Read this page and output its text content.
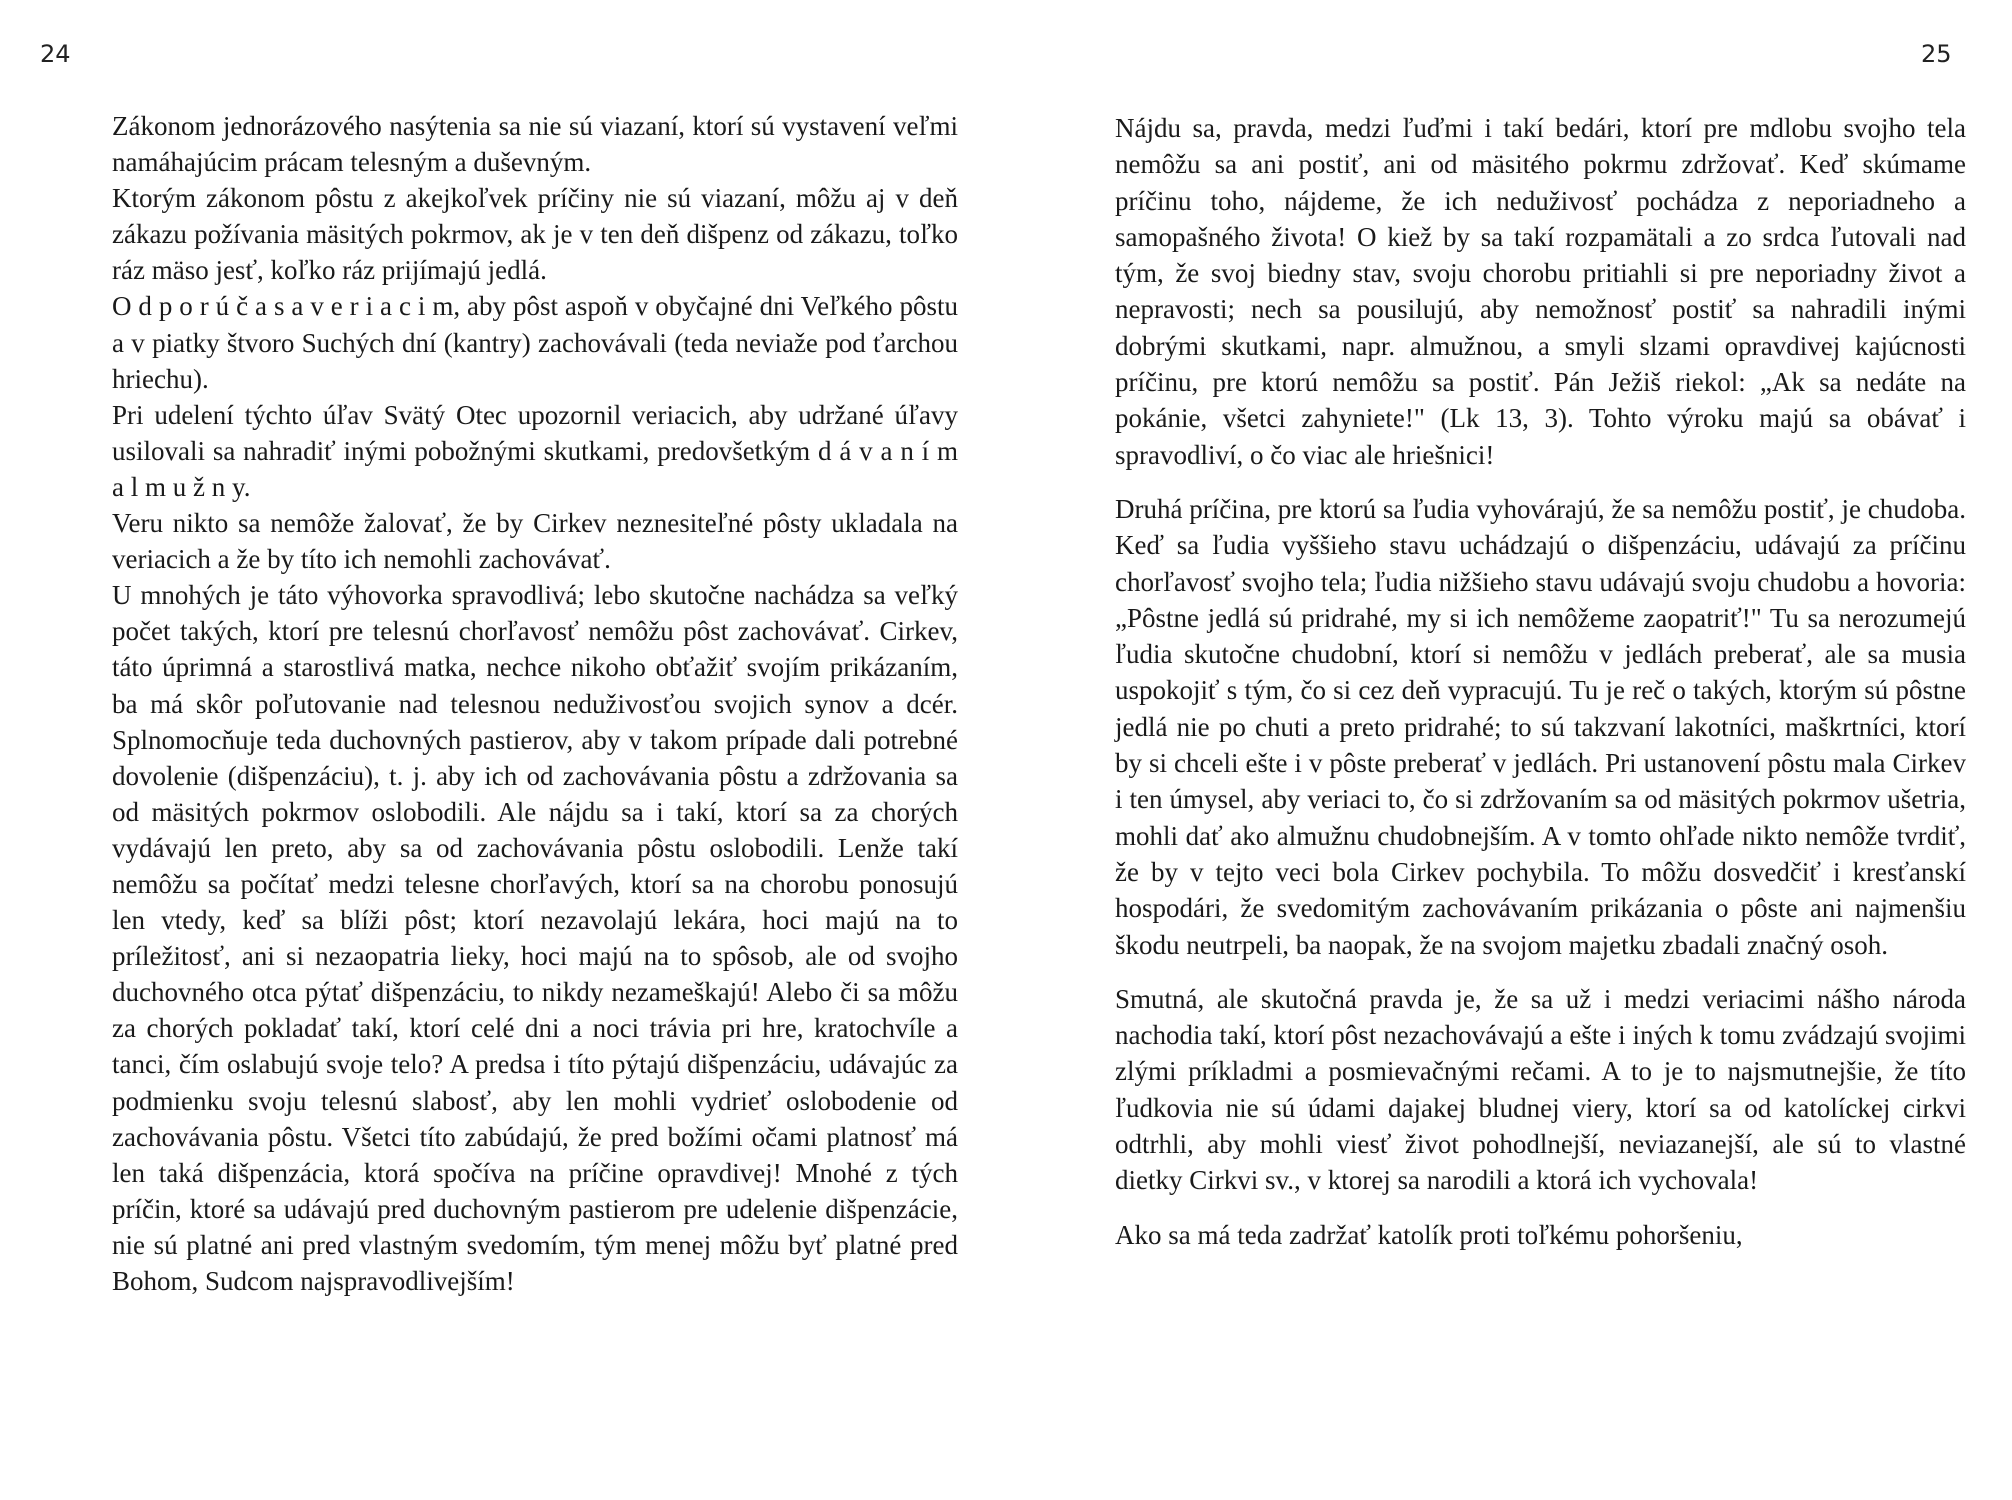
24

Zákonom jednorázového nasýtenia sa nie sú viazaní, ktorí sú vystavení veľmi namáhajúcim prácam telesným a duševným.

Ktorým zákonom pôstu z akejkoľvek príčiny nie sú viazaní, môžu aj v deň zákazu požívania mäsitých pokrmov, ak je v ten deň dišpenz od zákazu, toľko ráz mäso jesť, koľko ráz prijímajú jedlá.

O d p o r ú č a s a v e r i a c i m, aby pôst aspoň v obyčajné dni Veľkého pôstu a v piatky štvoro Suchých dní (kantry) zachovávali (teda neviaže pod ťarchou hriechu).

Pri udelení týchto úľav Svätý Otec upozornil veriacich, aby udržané úľavy usilovali sa nahradiť inými pobožnými skutkami, predovšetkým d á v a n í m a l m u ž n y.

Veru nikto sa nemôže žalovať, že by Cirkev neznesiteľné pôsty ukladala na veriacich a že by títo ich nemohli zachovávať.

U mnohých je táto výhovorka spravodlivá; lebo skutočne nachádza sa veľký počet takých, ktorí pre telesnú chorľavosť nemôžu pôst zachovávať. Cirkev, táto úprimná a starostlivá matka, nechce nikoho obťažiť svojím prikázaním, ba má skôr poľutovanie nad telesnou neduživosťou svojich synov a dcér. Splnomocňuje teda duchovných pastierov, aby v takom prípade dali potrebné dovolenie (dišpenzáciu), t. j. aby ich od zachovávania pôstu a zdržovania sa od mäsitých pokrmov oslobodili. Ale nájdu sa i takí, ktorí sa za chorých vydávajú len preto, aby sa od zachovávania pôstu oslobodili. Lenže takí nemôžu sa počítať medzi telesne chorľavých, ktorí sa na chorobu ponosujú len vtedy, keď sa blíži pôst; ktorí nezavolajú lekára, hoci majú na to príležitosť, ani si nezaopatria lieky, hoci majú na to spôsob, ale od svojho duchovného otca pýtať dišpenzáciu, to nikdy nezameškajú! Alebo či sa môžu za chorých pokladať takí, ktorí celé dni a noci trávia pri hre, kratochvíle a tanci, čím oslabujú svoje telo? A predsa i títo pýtajú dišpenzáciu, udávajúc za podmienku svoju telesnú slabosť, aby len mohli vydrieť oslobodenie od zachovávania pôstu. Všetci títo zabúdajú, že pred božími očami platnosť má len taká dišpenzácia, ktorá spočíva na príčine opravdivej! Mnohé z tých príčin, ktoré sa udávajú pred duchovným pastierom pre udelenie dišpenzácie, nie sú platné ani pred vlastným svedomím, tým menej môžu byť platné pred Bohom, Sudcom najspravodlivejším!

25

Nájdu sa, pravda, medzi ľuďmi i takí bedári, ktorí pre mdlobu svojho tela nemôžu sa ani postiť, ani od mäsitého pokrmu zdržovať. Keď skúmame príčinu toho, nájdeme, že ich neduživosť pochádza z neporiadneho a samopašného života! O kiež by sa takí rozpamätali a zo srdca ľutovali nad tým, že svoj biedny stav, svoju chorobu pritiahli si pre neporiadny život a nepravosti; nech sa pousilujú, aby nemožnosť postiť sa nahradili inými dobrými skutkami, napr. almužnou, a smyli slzami opravdivej kajúcnosti príčinu, pre ktorú nemôžu sa postiť. Pán Ježiš riekol: „Ak sa nedáte na pokánie, všetci zahyniete!" (Lk 13, 3). Tohto výroku majú sa obávať i spravodliví, o čo viac ale hriešnici!

Druhá príčina, pre ktorú sa ľudia vyhovárajú, že sa nemôžu postiť, je chudoba. Keď sa ľudia vyššieho stavu uchádzajú o dišpenzáciu, udávajú za príčinu chorľavosť svojho tela; ľudia nižšieho stavu udávajú svoju chudobu a hovoria: „Pôstne jedlá sú pridrahé, my si ich nemôžeme zaopatriť!" Tu sa nerozumejú ľudia skutočne chudobní, ktorí si nemôžu v jedlách preberať, ale sa musia uspokojiť s tým, čo si cez deň vypracujú. Tu je reč o takých, ktorým sú pôstne jedlá nie po chuti a preto pridrahé; to sú takzvaní lakotníci, maškrtníci, ktorí by si chceli ešte i v pôste preberať v jedlách. Pri ustanovení pôstu mala Cirkev i ten úmysel, aby veriaci to, čo si zdržovaním sa od mäsitých pokrmov ušetria, mohli dať ako almužnu chudobnejším. A v tomto ohľade nikto nemôže tvrdiť, že by v tejto veci bola Cirkev pochybila. To môžu dosvedčiť i kresťanskí hospodári, že svedomitým zachovávaním prikázania o pôste ani najmenšiu škodu neutrpeli, ba naopak, že na svojom majetku zbadali značný osoh.

Smutná, ale skutočná pravda je, že sa už i medzi veriacimi nášho národa nachodia takí, ktorí pôst nezachovávajú a ešte i iných k tomu zvádzajú svojimi zlými príkladmi a posmievačnými rečami. A to je to najsmutnejšie, že títo ľudkovia nie sú údami dajakej bludnej viery, ktorí sa od katolíckej cirkvi odtrhli, aby mohli viesť život pohodlnejší, neviazanejší, ale sú to vlastné dietky Cirkvi sv., v ktorej sa narodili a ktorá ich vychovala!

Ako sa má teda zadržať katolík proti toľkému pohoršeniu,
